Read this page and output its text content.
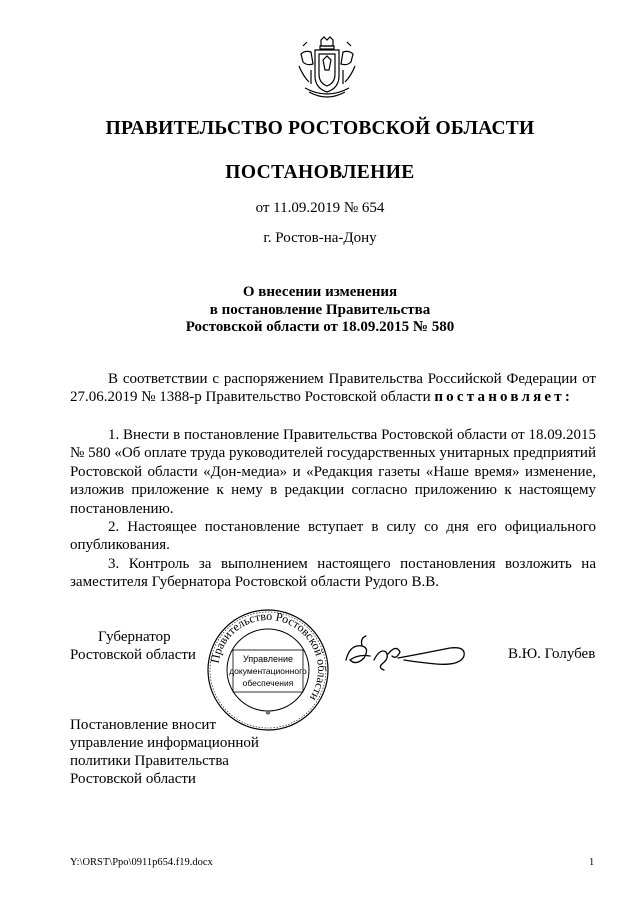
ПРАВИТЕЛЬСТВО РОСТОВСКОЙ ОБЛАСТИ
ПОСТАНОВЛЕНИЕ
от 11.09.2019 № 654
г. Ростов-на-Дону
О внесении изменения
в постановление Правительства
Ростовской области от 18.09.2015 № 580

В соответствии с распоряжением Правительства Российской Федерации от 27.06.2019 № 1388-р Правительство Ростовской области постановляет:

1. Внести в постановление Правительства Ростовской области от 18.09.2015 № 580 «Об оплате труда руководителей государственных унитарных предприятий Ростовской области «Дон-медиа» и «Редакция газеты «Наше время» изменение, изложив приложение к нему в редакции согласно приложению к настоящему постановлению.

2. Настоящее постановление вступает в силу со дня его официального опубликования.

3. Контроль за выполнением настоящего постановления возложить на заместителя Губернатора Ростовской области Рудого В.В.

Губернатор
Ростовской области Правительство Ростовской области
Управление
документационного
обеспечения
*
В.Ю. Голубев
Постановление вносит
управление информационной
политики Правительства
Ростовской области
Y:\ORST\Ppo\0911p654.f19.docx	1
